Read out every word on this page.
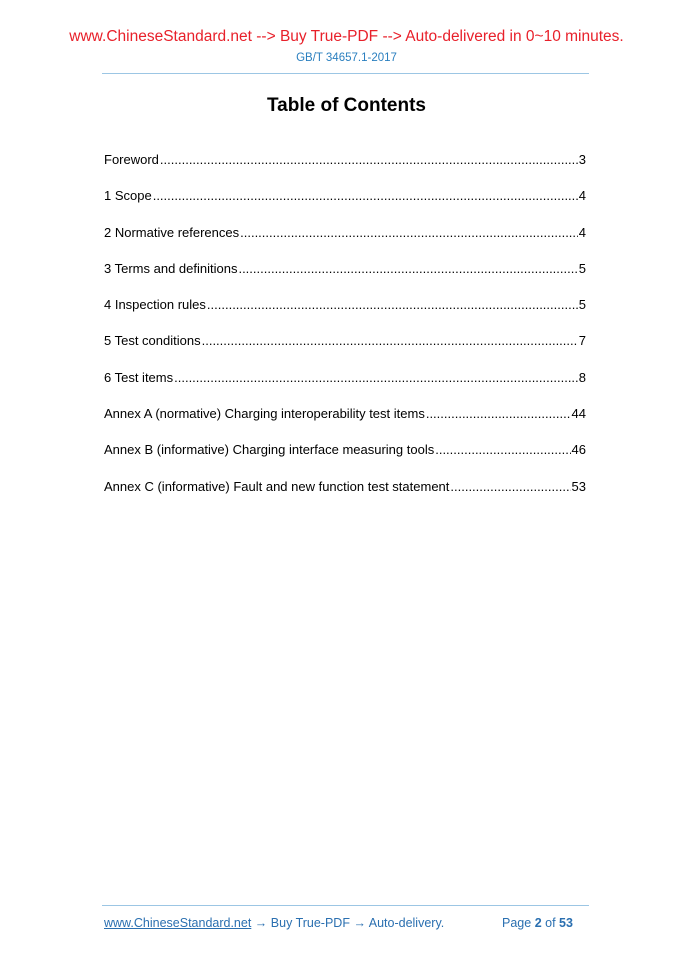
www.ChineseStandard.net --> Buy True-PDF --> Auto-delivered in 0~10 minutes.
GB/T 34657.1-2017
Table of Contents
Foreword .....	3
1 Scope .....	4
2 Normative references .....	4
3 Terms and definitions .....	5
4 Inspection rules .....	5
5 Test conditions .....	7
6 Test items .....	8
Annex A (normative) Charging interoperability test items .....	44
Annex B (informative) Charging interface measuring tools .....	46
Annex C (informative) Fault and new function test statement .....	53
www.ChineseStandard.net → Buy True-PDF → Auto-delivery.	Page 2 of 53
